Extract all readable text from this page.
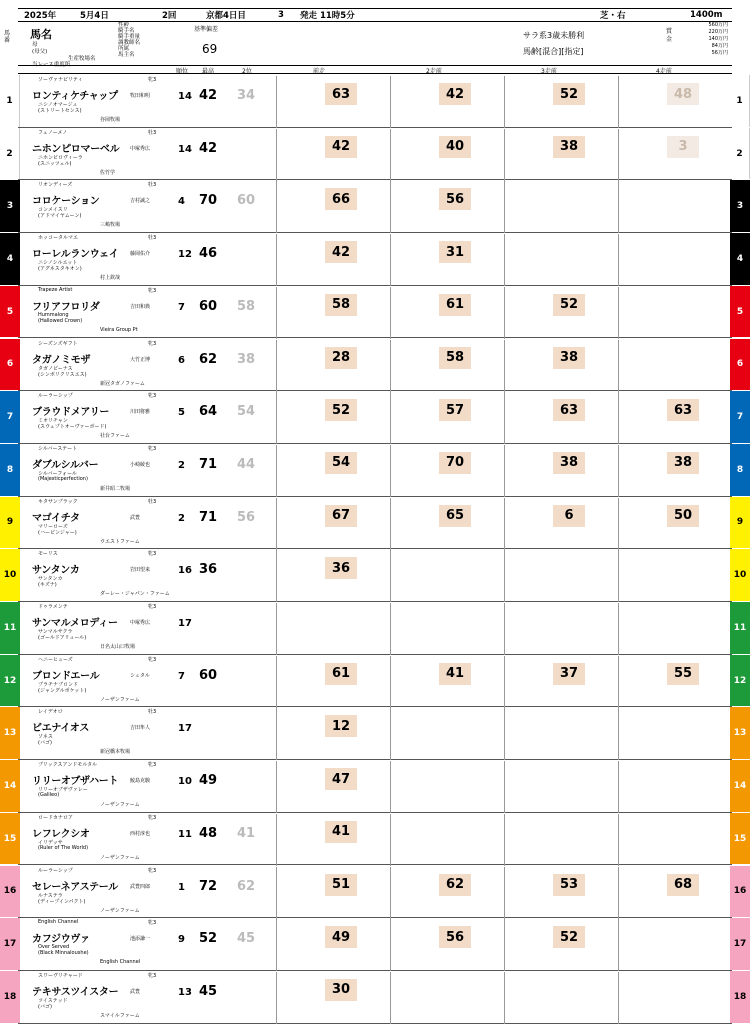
2025年	5月4日	2回	京都4日目	3	発走 11時5分	芝・右	1400m
馬
番 馬名
母
(母父)
生産牧場名
当レース重度所
性齢
騎手名
騎手重量
調教師名
所属
馬主名
基準偏差
69
サラ系3歳未勝利
馬齢[混合][指定]
賞金
560万円
220万円
140万円
84万円
56万円
順位 最高	2位	前走	2走前	3走前	4走前
1	1
ソーヴァナビリティ	牝3
ロンティケチャップ
ニシノオマージュ
(ストリートセンス)
谷岡牧場
牧田和明	14 42 34	63	42	52	48
2	2
フェノーメノ	牡3
ニホンピロマーベル
ニホンピロヴィーラ
(スニッツェル)
佐竹学
中塚秀広	14 42	42	40	38	3
3	3
リオンディーズ	牡3
コロケーション
コンメイスリ
(アドマイヤムーン)
三嶋牧場
吉村誠之	4 70 60	66	56
4	4
ホッコータルマエ	牡3
ローレルランウェイ
ニシノシルエット
(アグネスタキオン)
村上欽哉
藤岡佑介	12 46	42	31
5	5
Trapeze Artist	牝3
フリアフロリダ
Hummalong
(Hallowed Crown)
Vieira Group Pt
吉田和典	7 60 58	58	61	52
6	6
シーズンズギフト	牝3
タガノミモザ
タガノビーナス
(シンボリクリスエス)
新冠タガノファーム
大竹正博	6 62 38	28	58	38
7	7
ルーラーシップ	牝3
ブラウドメアリー
ミオリチャン
(スウェプトオーヴァーボード)
社台ファーム
川田将雅	5 64 54	52	57	63	63
8	8
シルバーステート	牝3
ダブルシルバー
シルバーフォール
(Majesticperfection)
新井昭二牧場
小崎綾也	2 71 44	54	70	38	38
9	9
キタサンブラック	牡3
マゴイチタ
マリーローズ
(ハービンジャー)
ウエストファーム
武豊	2 71 56	67	65	6	50
10	10
モーリス	牝3
サンタンカ
サンタンカ
(キズナ)
ダーレー・ジャパン・ファーム
岩田望来	16 36	36
11	11
ドゥラメンテ	牝3
サンマルメロディー
サンマルサクラ
(ゴールドアリュール)
日名太山口牧場
中塚秀広	17
12	12
ヘニーヒューズ	牝3
ブロンドエール
プラチナブロンド
(ジャングルポケット)
ノーザンファーム
シュタル	7 60	61	41	37	55
13	13
レイデオロ	牡3
ビエナイオス
ソネス
(バゴ)
新冠橋本牧場
吉田隼人	17	12
14	14
ブリックスアンドモルタル	牝3
リリーオブザハート
リリーオブザヴァレー
(Galileo)
ノーザンファーム
鮫島克駿	10 49	47
15	15
ロードカナロア	牝3
レフレクシオ
イリデッサ
(Ruler of The World)
ノーザンファーム
西村淳也	11 48 41	41
16	16
ルーラーシップ	牝3
セレーネアステール
ルナステラ
(ディープインパクト)
ノーザンファーム
武豊四郎	1 72 62	51	62	53	68
17	17
English Channel	牝3
カフジウヴァ
Over Served
(Black Minnaloushe)
English Channel
池添謙一	9 52 45	49	56	52
18	18
スワーヴリチャード	牝3
テキサスツイスター
ツイステッド
(バゴ)
スマイルファーム
武豊	13 45	30
